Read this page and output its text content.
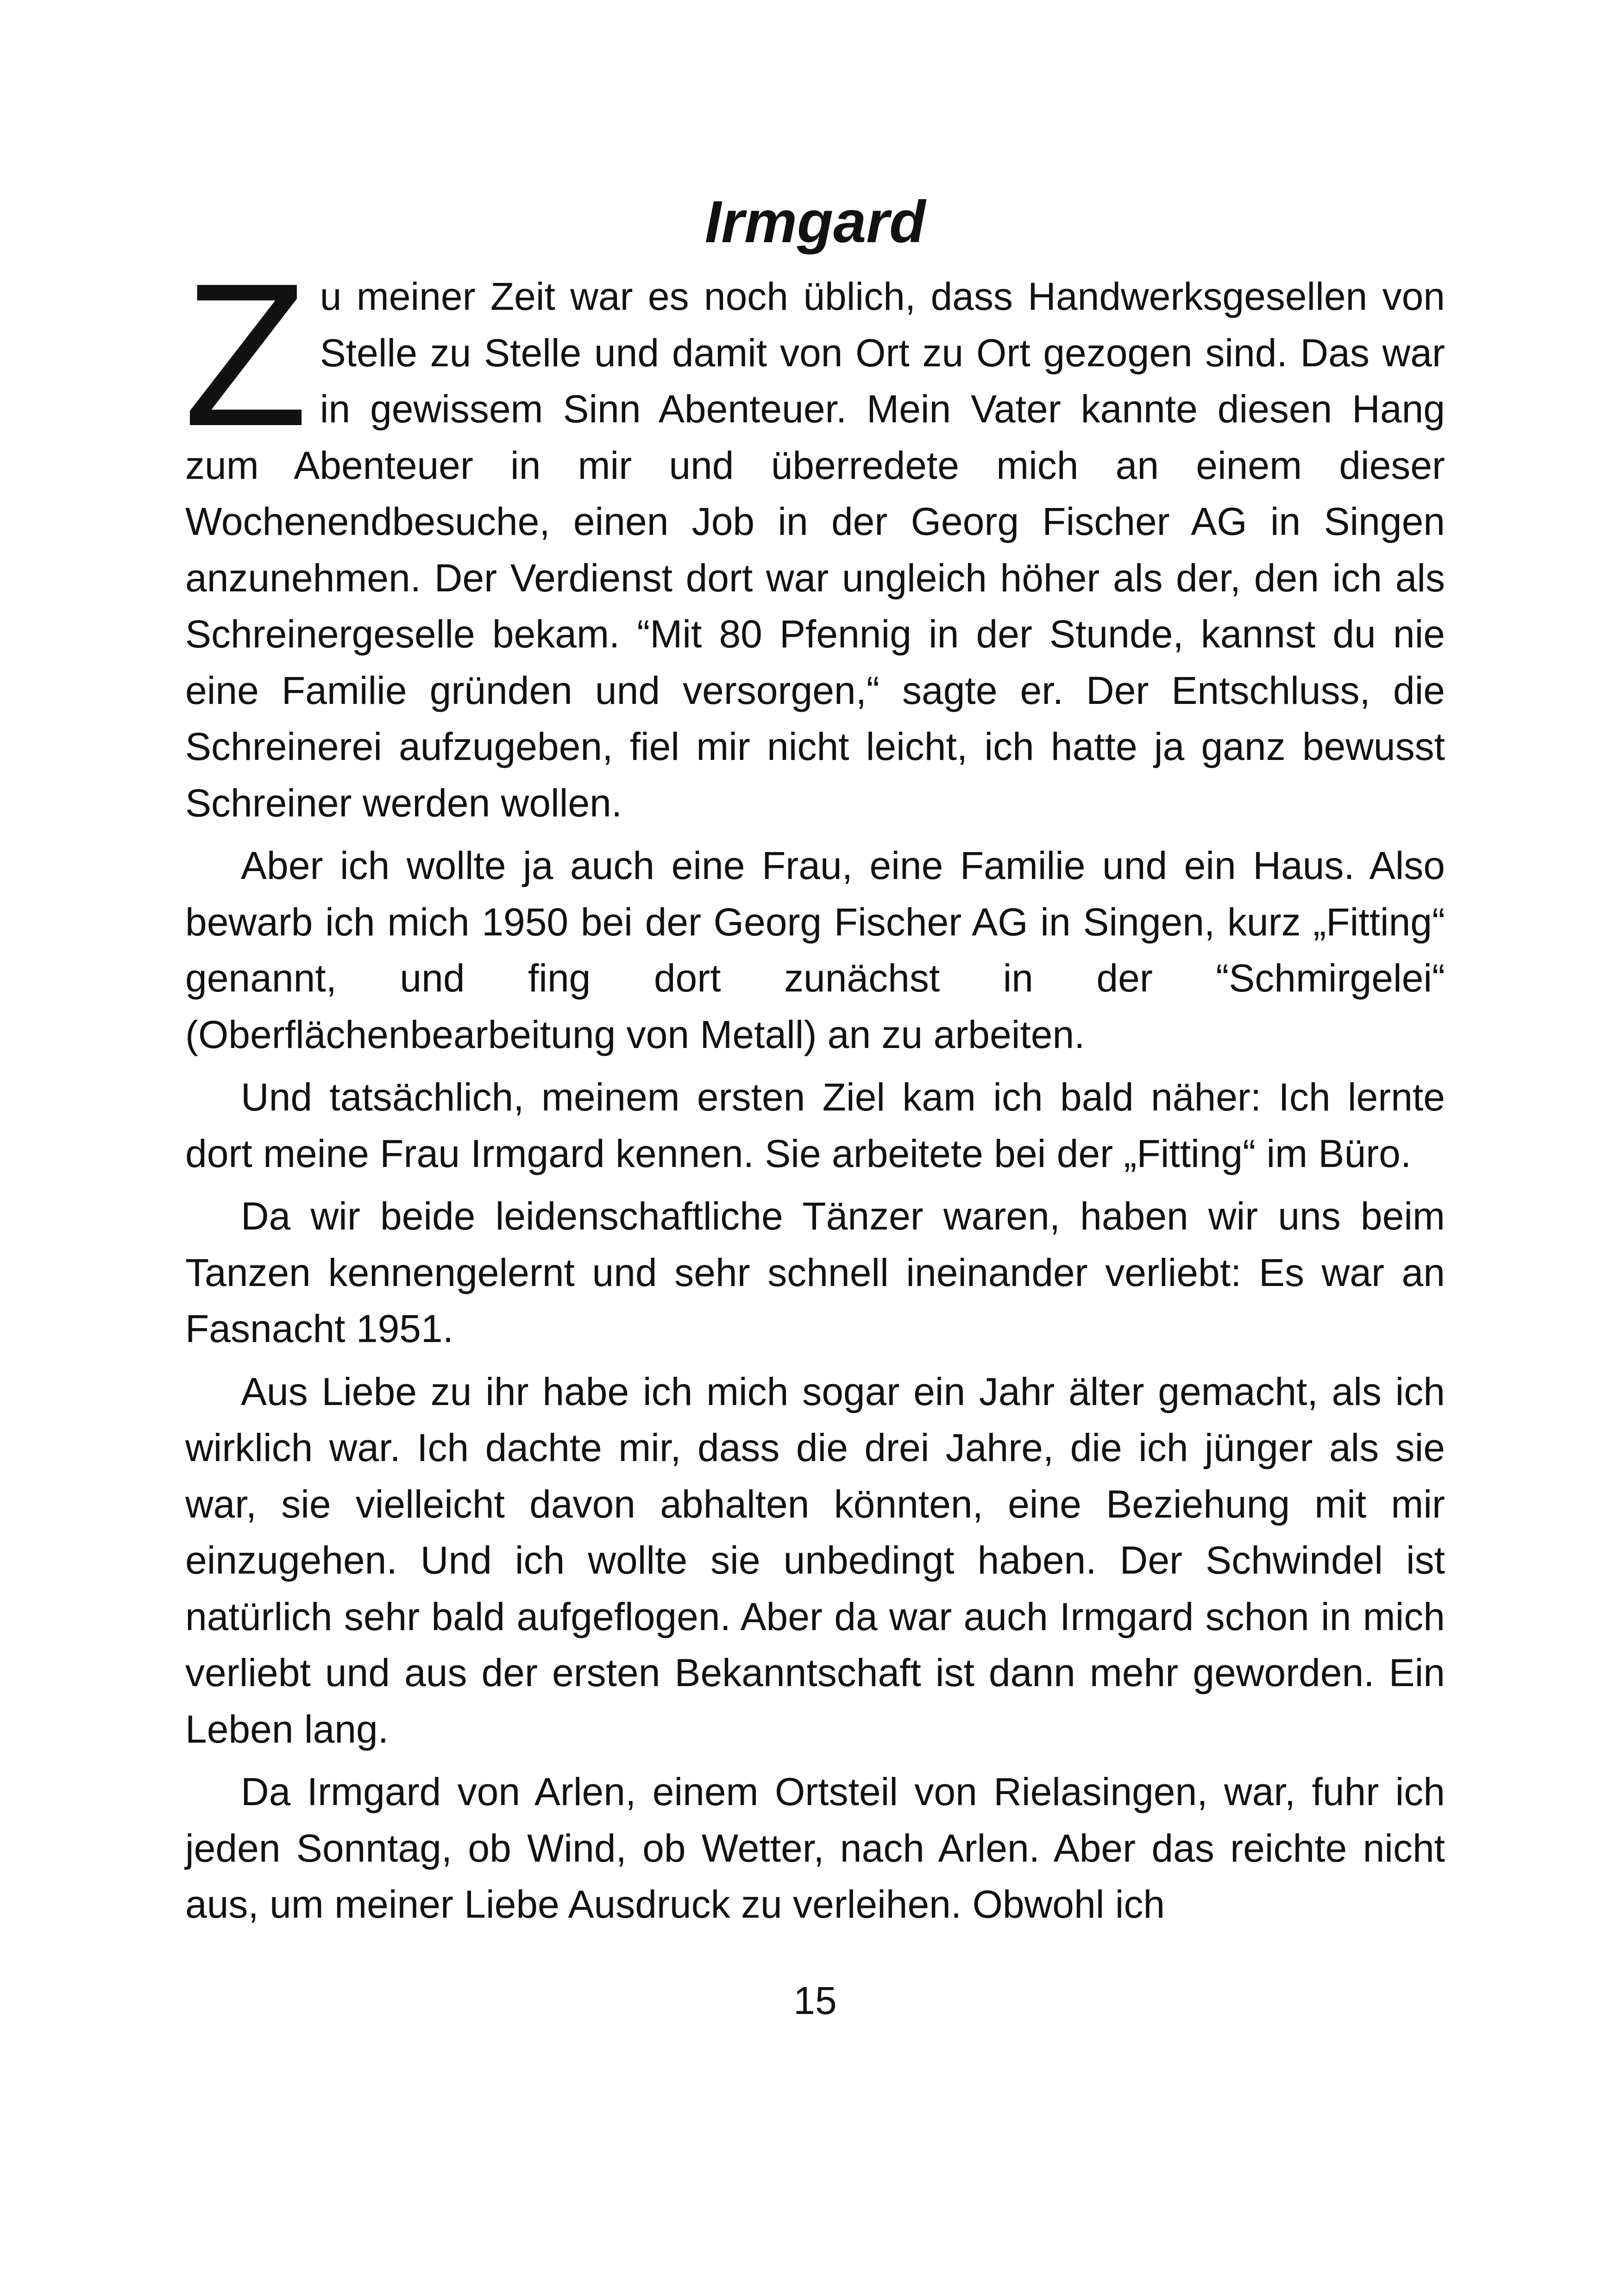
Irmgard

Zu meiner Zeit war es noch üblich, dass Handwerksgesellen von Stelle zu Stelle und damit von Ort zu Ort gezogen sind. Das war in gewissem Sinn Abenteuer. Mein Vater kannte diesen Hang zum Abenteuer in mir und überredete mich an einem dieser Wochenendbesuche, einen Job in der Georg Fischer AG in Singen anzunehmen. Der Verdienst dort war ungleich höher als der, den ich als Schreinergeselle bekam. “Mit 80 Pfennig in der Stunde, kannst du nie eine Familie gründen und versorgen,“ sagte er. Der Entschluss, die Schreinerei aufzugeben, fiel mir nicht leicht, ich hatte ja ganz bewusst Schreiner werden wollen.

Aber ich wollte ja auch eine Frau, eine Familie und ein Haus. Also bewarb ich mich 1950 bei der Georg Fischer AG in Singen, kurz „Fitting“ genannt, und fing dort zunächst in der “Schmirgelei“ (Oberflächenbearbeitung von Metall) an zu arbeiten.

Und tatsächlich, meinem ersten Ziel kam ich bald näher: Ich lernte dort meine Frau Irmgard kennen. Sie arbeitete bei der „Fitting“ im Büro.

Da wir beide leidenschaftliche Tänzer waren, haben wir uns beim Tanzen kennengelernt und sehr schnell ineinander verliebt: Es war an Fasnacht 1951.

Aus Liebe zu ihr habe ich mich sogar ein Jahr älter gemacht, als ich wirklich war. Ich dachte mir, dass die drei Jahre, die ich jünger als sie war, sie vielleicht davon abhalten könnten, eine Beziehung mit mir einzugehen. Und ich wollte sie unbedingt haben. Der Schwindel ist natürlich sehr bald aufgeflogen. Aber da war auch Irmgard schon in mich verliebt und aus der ersten Bekanntschaft ist dann mehr geworden. Ein Leben lang.

Da Irmgard von Arlen, einem Ortsteil von Rielasingen, war, fuhr ich jeden Sonntag, ob Wind, ob Wetter, nach Arlen. Aber das reichte nicht aus, um meiner Liebe Ausdruck zu verleihen. Obwohl ich

15
